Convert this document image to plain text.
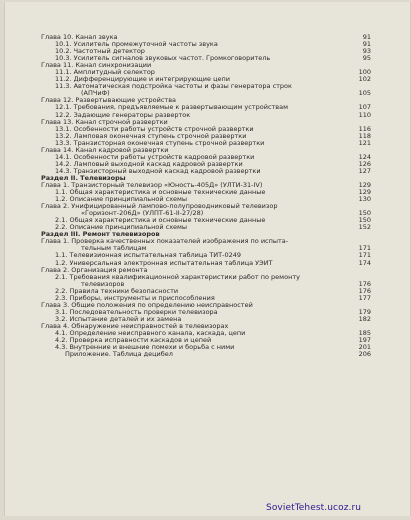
Глава 10. Канал звука	91
10.1. Усилитель промежуточной частоты звука	91
10.2. Частотный детектор	93
10.3. Усилитель сигналов звуковых частот. Громкоговоритель	95
Глава 11. Канал синхронизации
11.1. Амплитудный селектор	100
11.2. Дифференцирующие и интегрирующие цепи	102
11.3. Автоматическая подстройка частоты и фазы генератора строк
(АПЧиФ)	105
Глава 12. Развертывающие устройства
12.1. Требования, предъявляемые к развертывающим устройствам	107
12.2. Задающие генераторы разверток	110
Глава 13. Канал строчной развертки
13.1. Особенности работы устройств строчной развертки	116
13.2. Ламповая оконечная ступень строчной развертки	118
13.3. Транзисторная оконечная ступень строчной развертки	121
Глава 14. Канал кадровой развертки
14.1. Особенности работы устройств кадровой развертки	124
14.2. Ламповый выходной каскад кадровой развертки	126
14.3. Транзисторный выходной каскад кадровой развертки	127
Раздел II. Телевизоры
Глава 1. Транзисторный телевизор «Юность-405Д» (УЛТИ-31-IV)	129
1.1. Общая характеристика и основные технические данные	129
1.2. Описание принципиальной схемы	130
Глава 2. Унифицированный лампово-полупроводниковый телевизор
«Горизонт-206Д» (УЛПТ-61-II-27/28)	150
2.1. Общая характеристика и основные технические данные	150
2.2. Описание принципиальной схемы	152
Раздел III. Ремонт телевизоров
Глава 1. Проверка качественных показателей изображения по испыта-
тельным таблицам	171
1.1. Телевизионная испытательная таблица ТИТ-0249	171
1.2. Универсальная электронная испытательная таблица УЭИТ	174
Глава 2. Организация ремонта
2.1. Требования квалификационной характеристики работ по ремонту
телевизоров	176
2.2. Правила техники безопасности	176
2.3. Приборы, инструменты и приспособления	177
Глава 3. Общие положения по определению неисправностей
3.1. Последовательность проверки телевизора	179
3.2. Испытание деталей и их замена	182
Глава 4. Обнаружение неисправностей в телевизорах
4.1. Определение неисправного канала, каскада, цепи	185
4.2. Проверка исправности каскадов и цепей	197
4.3. Внутренние и внешние помехи и борьба с ними	201
Приложение. Таблица децибел	206
SovietTehest.ucoz.ru
